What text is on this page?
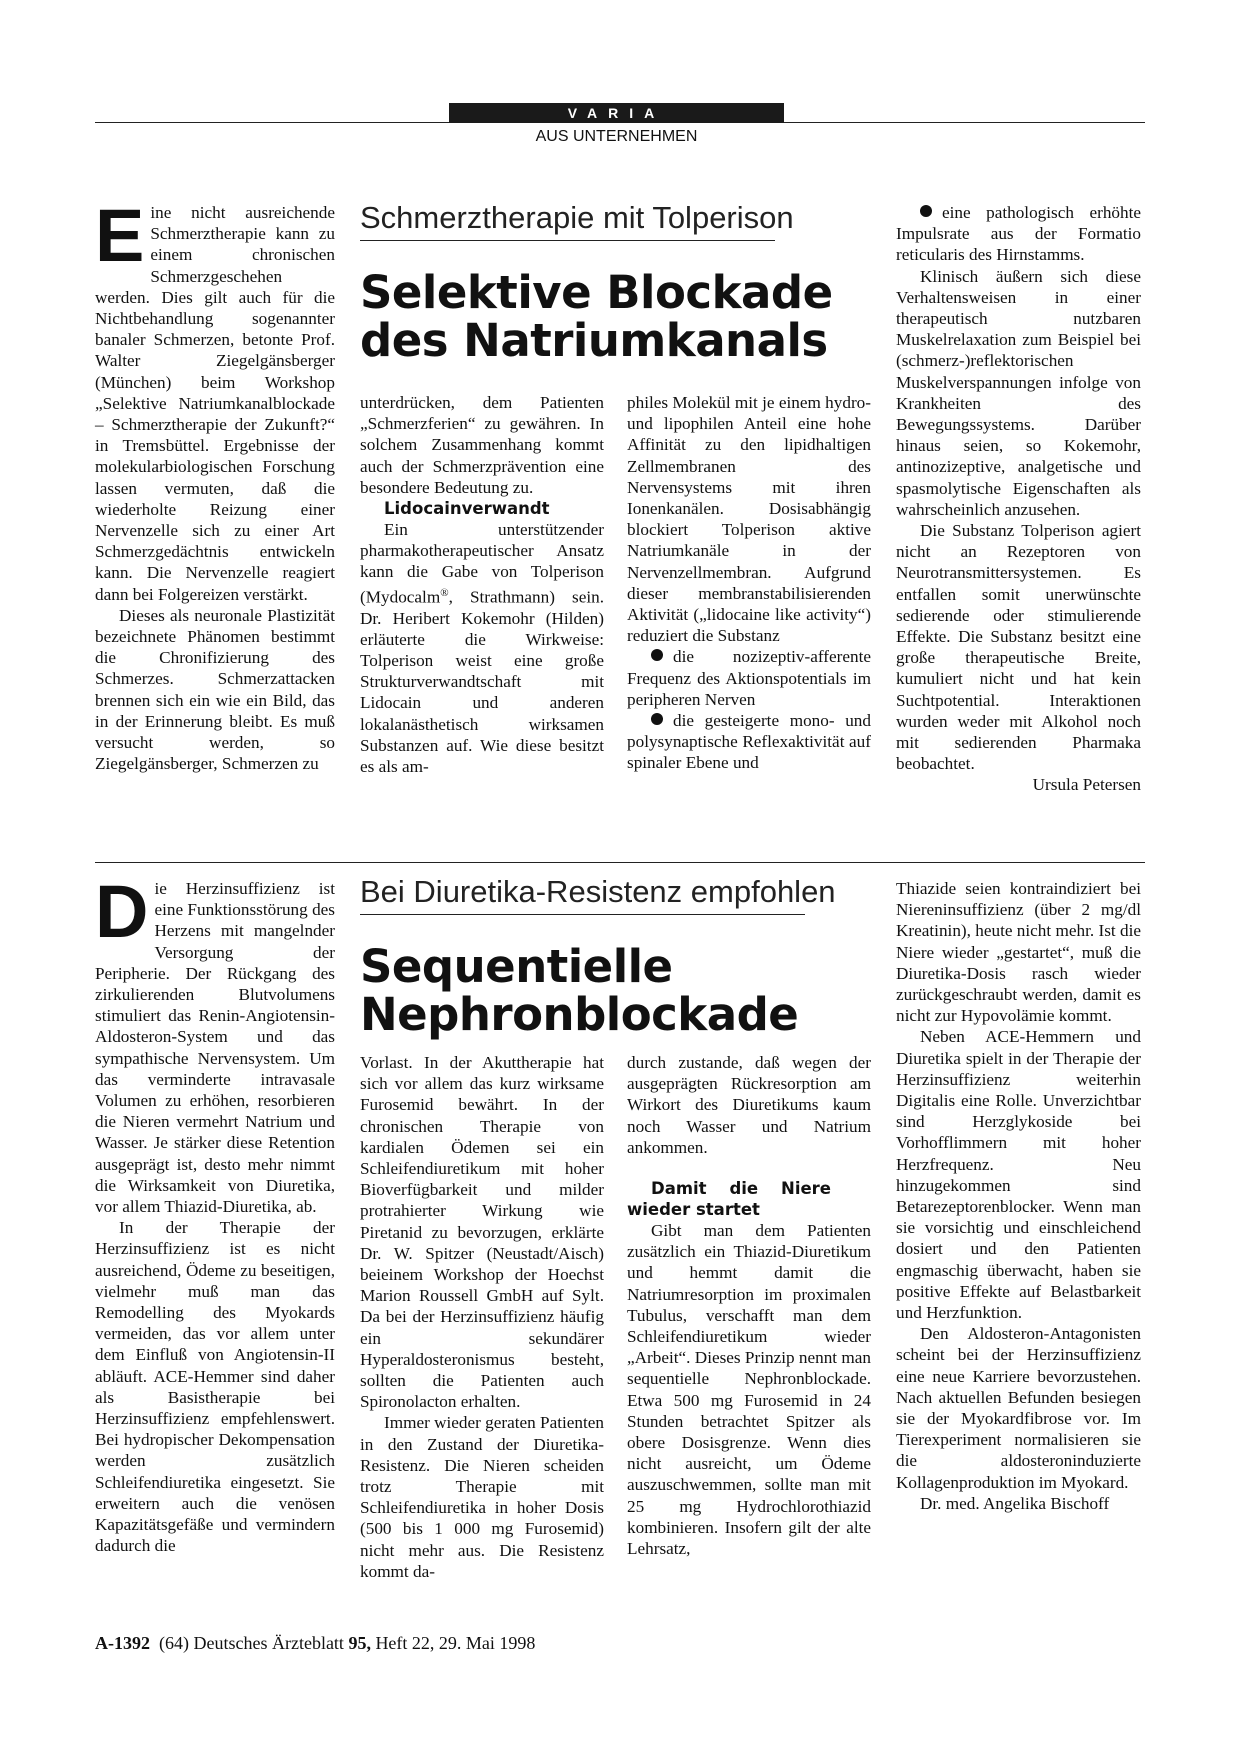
VARIA
AUS UNTERNEHMEN

Eine nicht ausreichende Schmerztherapie kann zu einem chronischen Schmerzgeschehen werden. Dies gilt auch für die Nichtbehandlung sogenannter banaler Schmerzen, betonte Prof. Walter Ziegelgänsberger (München) beim Workshop „Selektive Natriumkanalblockade – Schmerztherapie der Zukunft?“ in Tremsbüttel. Ergebnisse der molekularbiologischen Forschung lassen vermuten, daß die wiederholte Reizung einer Nervenzelle sich zu einer Art Schmerzgedächtnis entwickeln kann. Die Nervenzelle reagiert dann bei Folgereizen verstärkt.

Dieses als neuronale Plastizität bezeichnete Phänomen bestimmt die Chronifizierung des Schmerzes. Schmerzattacken brennen sich ein wie ein Bild, das in der Erinnerung bleibt. Es muß versucht werden, so Ziegelgänsberger, Schmerzen zu

Schmerztherapie mit Tolperison
Selektive Blockade
des Natriumkanals

unterdrücken, dem Patienten „Schmerzferien“ zu gewähren. In solchem Zusammenhang kommt auch der Schmerzprävention eine besondere Bedeutung zu.

Lidocainverwandt

Ein unterstützender pharmakotherapeutischer Ansatz kann die Gabe von Tolperison (Mydocalm®, Strathmann) sein. Dr. Heribert Kokemohr (Hilden) erläuterte die Wirkweise: Tolperison weist eine große Strukturverwandtschaft mit Lidocain und anderen lokalanästhetisch wirksamen Substanzen auf. Wie diese besitzt es als am-

philes Molekül mit je einem hydro- und lipophilen Anteil eine hohe Affinität zu den lipidhaltigen Zellmembranen des Nervensystems mit ihren Ionenkanälen. Dosisabhängig blockiert Tolperison aktive Natriumkanäle in der Nervenzellmembran. Aufgrund dieser membranstabilisierenden Aktivität („lidocaine like activity“) reduziert die Substanz

die nozizeptiv-afferente Frequenz des Aktionspotentials im peripheren Nerven

die gesteigerte mono- und polysynaptische Reflexaktivität auf spinaler Ebene und

eine pathologisch erhöhte Impulsrate aus der Formatio reticularis des Hirnstamms.

Klinisch äußern sich diese Verhaltensweisen in einer therapeutisch nutzbaren Muskelrelaxation zum Beispiel bei (schmerz-)reflektorischen Muskelverspannungen infolge von Krankheiten des Bewegungssystems. Darüber hinaus seien, so Kokemohr, antinozizeptive, analgetische und spasmolytische Eigenschaften als wahrscheinlich anzusehen.

Die Substanz Tolperison agiert nicht an Rezeptoren von Neurotransmittersystemen. Es entfallen somit unerwünschte sedierende oder stimulierende Effekte. Die Substanz besitzt eine große therapeutische Breite, kumuliert nicht und hat kein Suchtpotential. Interaktionen wurden weder mit Alkohol noch mit sedierenden Pharmaka beobachtet.

Ursula Petersen

Die Herzinsuffizienz ist eine Funktionsstörung des Herzens mit mangelnder Versorgung der Peripherie. Der Rückgang des zirkulierenden Blutvolumens stimuliert das Renin-Angiotensin-Aldosteron-System und das sympathische Nervensystem. Um das verminderte intravasale Volumen zu erhöhen, resorbieren die Nieren vermehrt Natrium und Wasser. Je stärker diese Retention ausgeprägt ist, desto mehr nimmt die Wirksamkeit von Diuretika, vor allem Thiazid-Diuretika, ab.

In der Therapie der Herzinsuffizienz ist es nicht ausreichend, Ödeme zu beseitigen, vielmehr muß man das Remodelling des Myokards vermeiden, das vor allem unter dem Einfluß von Angiotensin-II abläuft. ACE-Hemmer sind daher als Basistherapie bei Herzinsuffizienz empfehlenswert. Bei hydropischer Dekompensation werden zusätzlich Schleifendiuretika eingesetzt. Sie erweitern auch die venösen Kapazitätsgefäße und vermindern dadurch die

Bei Diuretika-Resistenz empfohlen
Sequentielle
Nephronblockade

Vorlast. In der Akuttherapie hat sich vor allem das kurz wirksame Furosemid bewährt. In der chronischen Therapie von kardialen Ödemen sei ein Schleifendiuretikum mit hoher Bioverfügbarkeit und milder protrahierter Wirkung wie Piretanid zu bevorzugen, erklärte Dr. W. Spitzer (Neustadt/Aisch) beieinem Workshop der Hoechst Marion Roussell GmbH auf Sylt. Da bei der Herzinsuffizienz häufig ein sekundärer Hyperaldosteronismus besteht, sollten die Patienten auch Spironolacton erhalten.

Immer wieder geraten Patienten in den Zustand der Diuretika-Resistenz. Die Nieren scheiden trotz Therapie mit Schleifendiuretika in hoher Dosis (500 bis 1 000 mg Furosemid) nicht mehr aus. Die Resistenz kommt da-

durch zustande, daß wegen der ausgeprägten Rückresorption am Wirkort des Diuretikums kaum noch Wasser und Natrium ankommen.

Damit die Niere wieder startet

Gibt man dem Patienten zusätzlich ein Thiazid-Diuretikum und hemmt damit die Natriumresorption im proximalen Tubulus, verschafft man dem Schleifendiuretikum wieder „Arbeit“. Dieses Prinzip nennt man sequentielle Nephronblockade. Etwa 500 mg Furosemid in 24 Stunden betrachtet Spitzer als obere Dosisgrenze. Wenn dies nicht ausreicht, um Ödeme auszuschwemmen, sollte man mit 25 mg Hydrochlorothiazid kombinieren. Insofern gilt der alte Lehrsatz,

Thiazide seien kontraindiziert bei Niereninsuffizienz (über 2 mg/dl Kreatinin), heute nicht mehr. Ist die Niere wieder „gestartet“, muß die Diuretika-Dosis rasch wieder zurückgeschraubt werden, damit es nicht zur Hypovolämie kommt.

Neben ACE-Hemmern und Diuretika spielt in der Therapie der Herzinsuffizienz weiterhin Digitalis eine Rolle. Unverzichtbar sind Herzglykoside bei Vorhofflimmern mit hoher Herzfrequenz. Neu hinzugekommen sind Betarezeptorenblocker. Wenn man sie vorsichtig und einschleichend dosiert und den Patienten engmaschig überwacht, haben sie positive Effekte auf Belastbarkeit und Herzfunktion.

Den Aldosteron-Antagonisten scheint bei der Herzinsuffizienz eine neue Karriere bevorzustehen. Nach aktuellen Befunden besiegen sie der Myokardfibrose vor. Im Tierexperiment normalisieren sie die aldosteroninduzierte Kollagenproduktion im Myokard.

Dr. med. Angelika Bischoff

A-1392 (64) Deutsches Ärzteblatt 95, Heft 22, 29. Mai 1998
